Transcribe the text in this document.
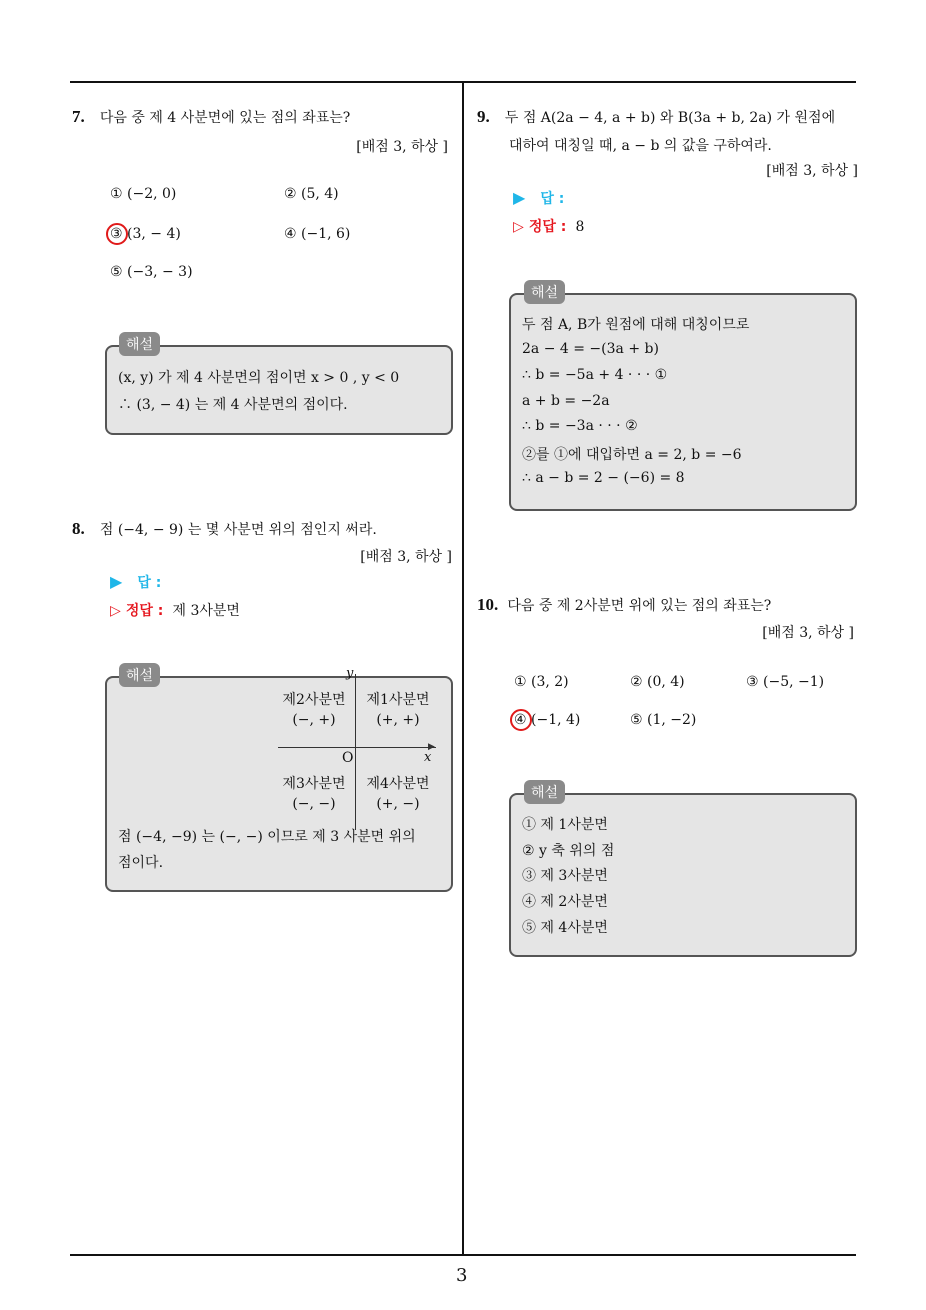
3
7. 다음 중 제 4 사분면에 있는 점의 좌표는?
[배점 3, 하상 ]
① (−2, 0)	② (5, 4)
③ (3, − 4)	④ (−1, 6)
⑤ (−3, − 3)
해설
(x, y) 가 제 4 사분면의 점이면 x > 0 , y < 0
∴ (3, − 4) 는 제 4 사분면의 점이다.
8. 점 (−4, − 9) 는 몇 사분면 위의 점인지 써라.
[배점 3, 하상 ]
▶ 답 :
▷ 정답 : 제 3사분면
해설
▶
y
x
O
제2사분면
(−, +)
제1사분면
(+, +)
제3사분면
(−, −)
제4사분면
(+, −)
점 (−4, −9) 는 (−, −) 이므로 제 3 사분면 위의
점이다.
9. 두 점 A(2a − 4, a + b) 와 B(3a + b, 2a) 가 원점에
대하여 대칭일 때, a − b 의 값을 구하여라.
[배점 3, 하상 ]
▶ 답 :
▷ 정답 : 8
해설
두 점 A, B가 원점에 대해 대칭이므로
2a − 4 = −(3a + b)
∴ b = −5a + 4 · · · ①
a + b = −2a
∴ b = −3a · · · ②
②를 ①에 대입하면 a = 2, b = −6
∴ a − b = 2 − (−6) = 8
10. 다음 중 제 2사분면 위에 있는 점의 좌표는?
[배점 3, 하상 ]
① (3, 2)	② (0, 4)	③ (−5, −1)
④ (−1, 4)	⑤ (1, −2)
해설
① 제 1사분면
② y 축 위의 점
③ 제 3사분면
④ 제 2사분면
⑤ 제 4사분면
